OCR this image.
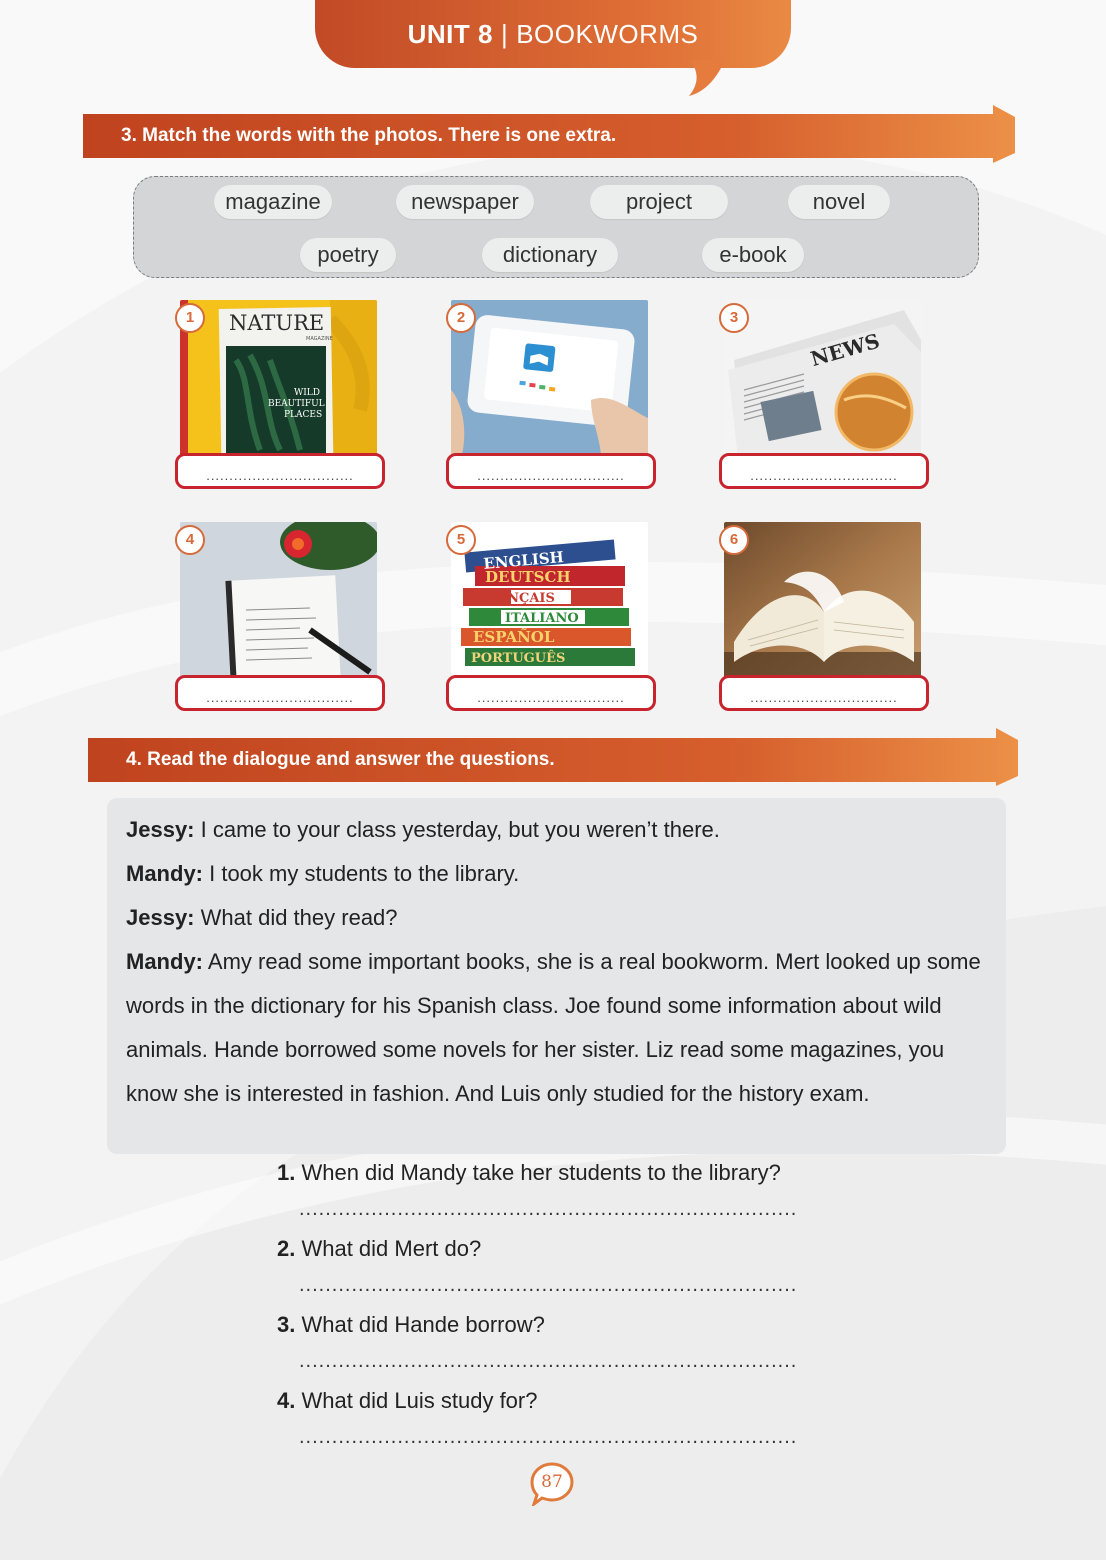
UNIT 8 | BOOKWORMS
3. Match the words with the photos. There is one extra.
magazine	newspaper	project	novel
poetry	dictionary	e-book
NATURE
MAGAZINE
WILD
BEAUTIFUL
PLACES
1
................................
2
................................
NEWS
3
................................
4
................................
ENGLISH
DEUTSCH
FRANÇAIS
ITALIANO
ESPAÑOL
PORTUGUÊS
5
................................
6
................................
4. Read the dialogue and answer the questions.

Jessy: I came to your class yesterday, but you weren’t there.

Mandy: I took my students to the library.

Jessy: What did they read?

Mandy: Amy read some important books, she is a real bookworm. Mert looked up some words in the dictionary for his Spanish class. Joe found some information about wild animals. Hande borrowed some novels for her sister. Liz read some magazines, you know she is interested in fashion. And Luis only studied for the history exam.

1. When did Mandy take her students to the library?
............................................................................
2. What did Mert do?
............................................................................
3. What did Hande borrow?
............................................................................
4. What did Luis study for?
............................................................................
87
